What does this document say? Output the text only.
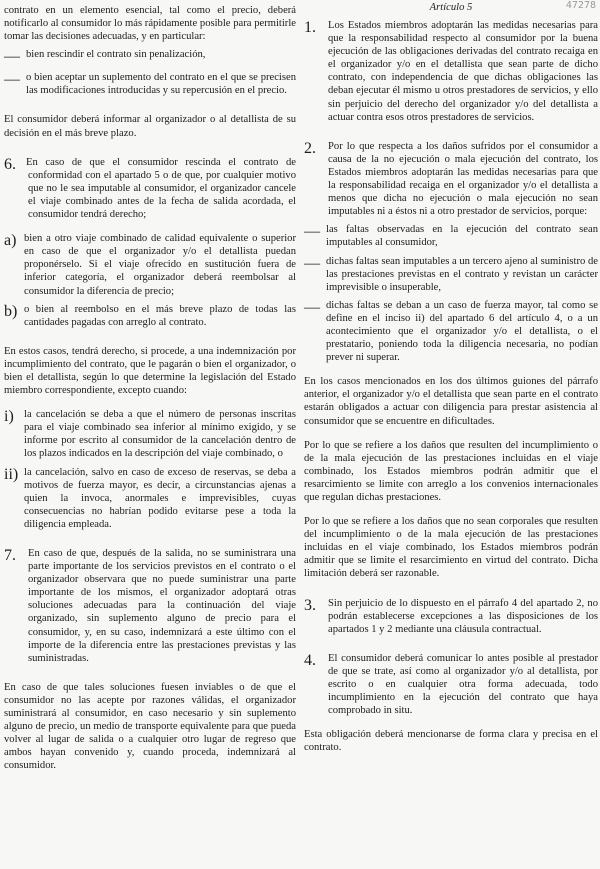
47278

contrato en un elemento esencial, tal como el precio, deberá notificarlo al consumidor lo más rápidamente posible para permitirle tomar las decisiones adecuadas, y en particular:

— bien rescindir el contrato sin penalización,

— o bien aceptar un suplemento del contrato en el que se precisen las modificaciones introducidas y su repercusión en el precio.

El consumidor deberá informar al organizador o al detallista de su decisión en el más breve plazo.

6. En caso de que el consumidor rescinda el contrato de conformidad con el apartado 5 o de que, por cualquier motivo que no le sea imputable al consumidor, el organizador cancele el viaje combinado antes de la fecha de salida acordada, el consumidor tendrá derecho;

a) bien a otro viaje combinado de calidad equivalente o superior en caso de que el organizador y/o el detallista puedan proponérselo. Si el viaje ofrecido en sustitución fuera de inferior categoría, el organizador deberá reembolsar al consumidor la diferencia de precio;

b) o bien al reembolso en el más breve plazo de todas las cantidades pagadas con arreglo al contrato.

En estos casos, tendrá derecho, si procede, a una indemnización por incumplimiento del contrato, que le pagarán o bien el organizador, o bien el detallista, según lo que determine la legislación del Estado miembro correspondiente, excepto cuando:

i) la cancelación se deba a que el número de personas inscritas para el viaje combinado sea inferior al mínimo exigido, y se informe por escrito al consumidor de la cancelación dentro de los plazos indicados en la descripción del viaje combinado, o

ii) la cancelación, salvo en caso de exceso de reservas, se deba a motivos de fuerza mayor, es decir, a circunstancias ajenas a quien la invoca, anormales e imprevisibles, cuyas consecuencias no habrían podido evitarse pese a toda la diligencia empleada.

7.	En caso de que, después de la salida, no se suministrara una parte importante de los servicios previstos en el contrato o el organizador observara que no puede suministrar una parte importante de los mismos, el organizador adoptará otras soluciones adecuadas para la continuación del viaje organizado, sin suplemento alguno de precio para el consumidor, y, en su caso, indemnizará a este último con el importe de la diferencia entre las prestaciones previstas y las suministradas.

En caso de que tales soluciones fuesen inviables o de que el consumidor no las acepte por razones válidas, el organizador suministrará al consumidor, en caso necesario y sin suplemento alguno de precio, un medio de transporte equivalente para que pueda volver al lugar de salida o a cualquier otro lugar de regreso que ambos hayan convenido y, cuando proceda, indemnizará al consumidor.

Artículo 5
1.	Los Estados miembros adoptarán las medidas necesarias para que la responsabilidad respecto al consumidor por la buena ejecución de las obligaciones derivadas del contrato recaiga en el organizador y/o en el detallista que sean parte de dicho contrato, con independencia de que dichas obligaciones las deban ejecutar él mismo u otros prestadores de servicios, y ello sin perjuicio del derecho del organizador y/o del detallista a actuar contra esos otros prestadores de servicios.

2.	Por lo que respecta a los daños sufridos por el consumidor a causa de la no ejecución o mala ejecución del contrato, los Estados miembros adoptarán las medidas necesarias para que la responsabilidad recaiga en el organizador y/o el detallista a menos que dicha no ejecución o mala ejecución no sean imputables ni a éstos ni a otro prestador de servicios, porque:

— las faltas observadas en la ejecución del contrato sean imputables al consumidor,

— dichas faltas sean imputables a un tercero ajeno al suministro de las prestaciones previstas en el contrato y revistan un carácter imprevisible o insuperable,

— dichas faltas se deban a un caso de fuerza mayor, tal como se define en el inciso ii) del apartado 6 del artículo 4, o a un acontecimiento que el organizador y/o el detallista, o el prestatario, poniendo toda la diligencia necesaria, no podían prever ni superar.

En los casos mencionados en los dos últimos guiones del párrafo anterior, el organizador y/o el detallista que sean parte en el contrato estarán obligados a actuar con diligencia para prestar asistencia al consumidor que se encuentre en dificultades.

Por lo que se refiere a los daños que resulten del incumplimiento o de la mala ejecución de las prestaciones incluidas en el viaje combinado, los Estados miembros podrán admitir que el resarcimiento se limite con arreglo a los convenios internacionales que regulan dichas prestaciones.

Por lo que se refiere a los daños que no sean corporales que resulten del incumplimiento o de la mala ejecución de las prestaciones incluidas en el viaje combinado, los Estados miembros podrán admitir que se limite el resarcimiento en virtud del contrato. Dicha limitación deberá ser razonable.

3.	Sin perjuicio de lo dispuesto en el párrafo 4 del apartado 2, no podrán establecerse excepciones a las disposiciones de los apartados 1 y 2 mediante una cláusula contractual.

4.	El consumidor deberá comunicar lo antes posible al prestador de que se trate, así como al organizador y/o al detallista, por escrito o en cualquier otra forma adecuada, todo incumplimiento en la ejecución del contrato que haya comprobado in situ.

Esta obligación deberá mencionarse de forma clara y precisa en el contrato.
